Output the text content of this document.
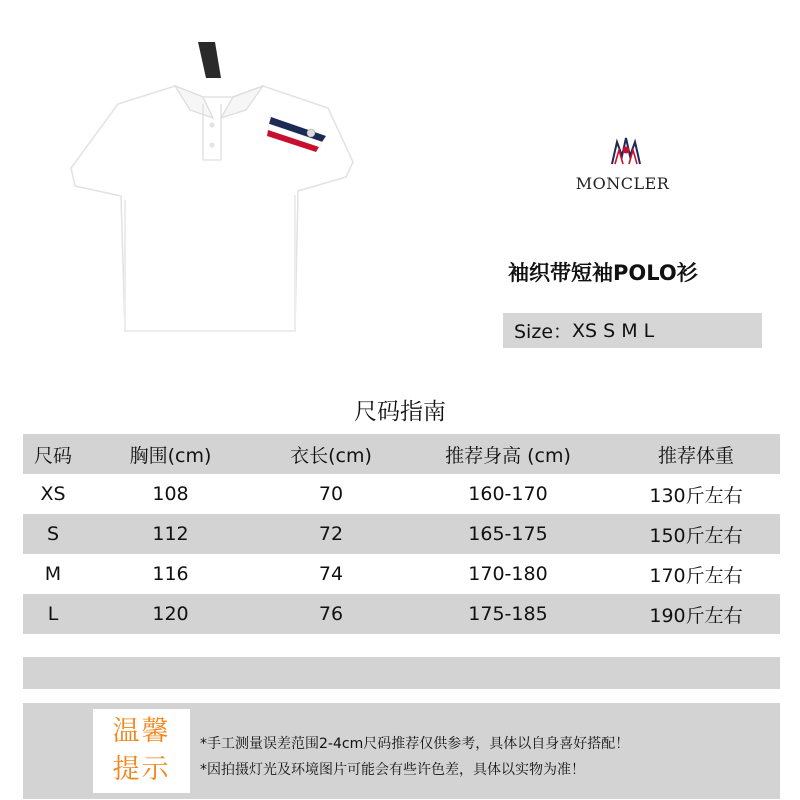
MONCLER
袖织带短袖POLO衫
Size： XS S M L
尺码指南
尺码	胸围(cm)	衣长(cm)	推荐身高 (cm)	推荐体重
XS	108	70	160-170	130斤左右
S	112	72	165-175	150斤左右
M	116	74	170-180	170斤左右
L	120	76	175-185	190斤左右
温馨
提示
*手工测量误差范围2-4cm尺码推荐仅供参考，具体以自身喜好搭配！
*因拍摄灯光及环境图片可能会有些许色差，具体以实物为准！
